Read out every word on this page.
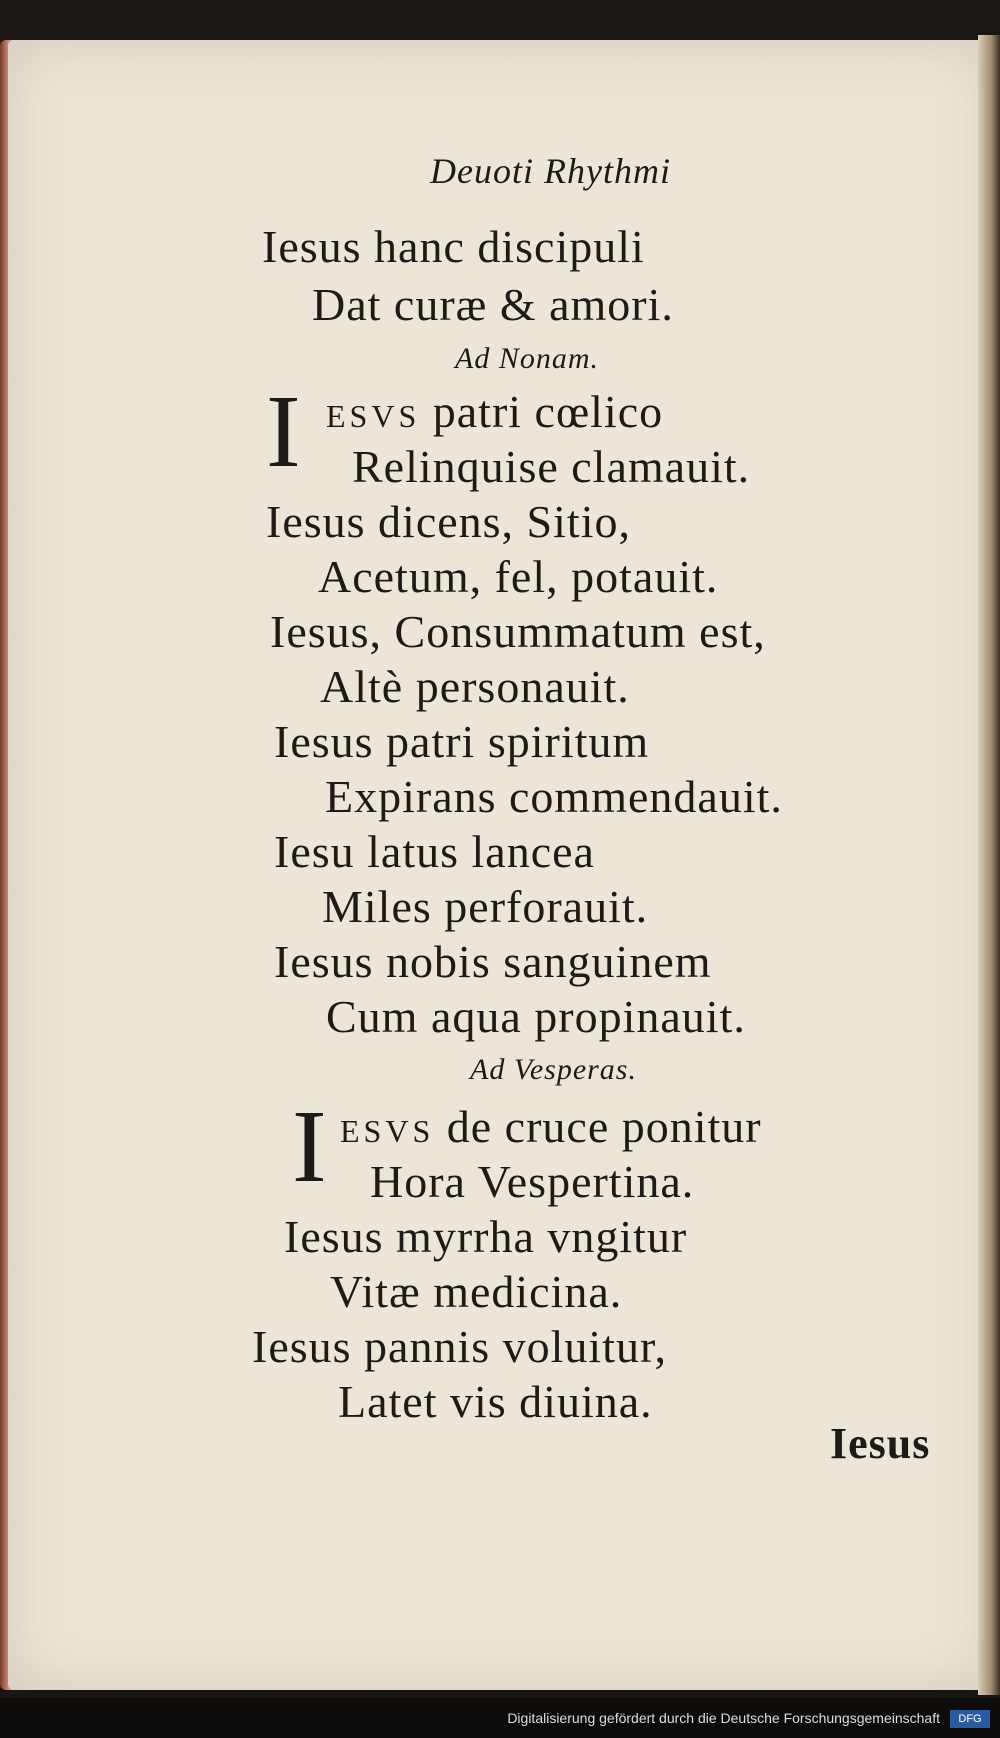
Deuoti Rhythmi
Iesus hanc discipuli
Dat curæ & amori.
Ad Nonam.
I ESVS patri cœlico
Relinquise clamauit.
Iesus dicens, Sitio,
Acetum, fel, potauit.
Iesus, Consummatum est,
Altè personauit.
Iesus patri spiritum
Expirans commendauit.
Iesu latus lancea
Miles perforauit.
Iesus nobis sanguinem
Cum aqua propinauit.
Ad Vesperas.
I ESVS de cruce ponitur
Hora Vespertina.
Iesus myrrha vngitur
Vitæ medicina.
Iesus pannis voluitur,
Latet vis diuina.
Iesus
Digitalisierung gefördert durch die Deutsche Forschungsgemeinschaft	DFG
